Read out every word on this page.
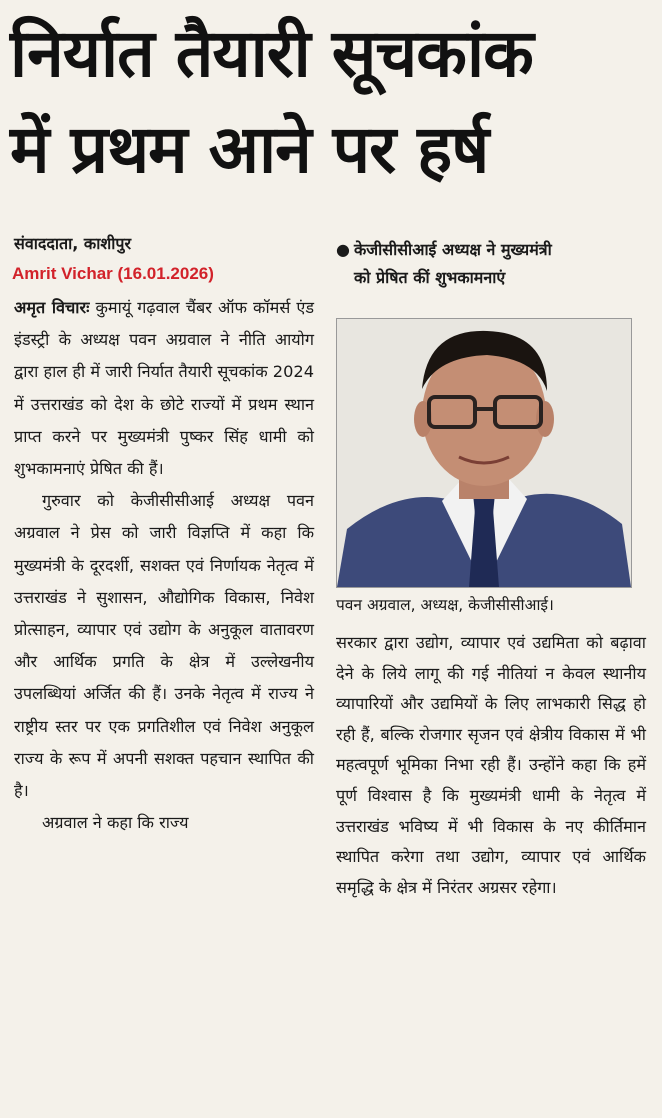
निर्यात तैयारी सूचकांक
में प्रथम आने पर हर्ष
संवाददाता, काशीपुर
Amrit Vichar (16.01.2026)

अमृत विचारः कुमायूं गढ़वाल चैंबर ऑफ कॉमर्स एंड इंडस्ट्री के अध्यक्ष पवन अग्रवाल ने नीति आयोग द्वारा हाल ही में जारी निर्यात तैयारी सूचकांक 2024 में उत्तराखंड को देश के छोटे राज्यों में प्रथम स्थान प्राप्त करने पर मुख्यमंत्री पुष्कर सिंह धामी को शुभकामनाएं प्रेषित की हैं।

गुरुवार को केजीसीसीआई अध्यक्ष पवन अग्रवाल ने प्रेस को जारी विज्ञप्ति में कहा कि मुख्यमंत्री के दूरदर्शी, सशक्त एवं निर्णायक नेतृत्व में उत्तराखंड ने सुशासन, औद्योगिक विकास, निवेश प्रोत्साहन, व्यापार एवं उद्योग के अनुकूल वातावरण और आर्थिक प्रगति के क्षेत्र में उल्लेखनीय उपलब्धियां अर्जित की हैं। उनके नेतृत्व में राज्य ने राष्ट्रीय स्तर पर एक प्रगतिशील एवं निवेश अनुकूल राज्य के रूप में अपनी सशक्त पहचान स्थापित की है।

अग्रवाल ने कहा कि राज्य

● केजीसीसीआई अध्यक्ष ने मुख्यमंत्री
को प्रेषित कीं शुभकामनाएं
पवन अग्रवाल, अध्यक्ष, केजीसीसीआई।

सरकार द्वारा उद्योग, व्यापार एवं उद्यमिता को बढ़ावा देने के लिये लागू की गई नीतियां न केवल स्थानीय व्यापारियों और उद्यमियों के लिए लाभकारी सिद्ध हो रही हैं, बल्कि रोजगार सृजन एवं क्षेत्रीय विकास में भी महत्वपूर्ण भूमिका निभा रही हैं। उन्होंने कहा कि हमें पूर्ण विश्वास है कि मुख्यमंत्री धामी के नेतृत्व में उत्तराखंड भविष्य में भी विकास के नए कीर्तिमान स्थापित करेगा तथा उद्योग, व्यापार एवं आर्थिक समृद्धि के क्षेत्र में निरंतर अग्रसर रहेगा।
